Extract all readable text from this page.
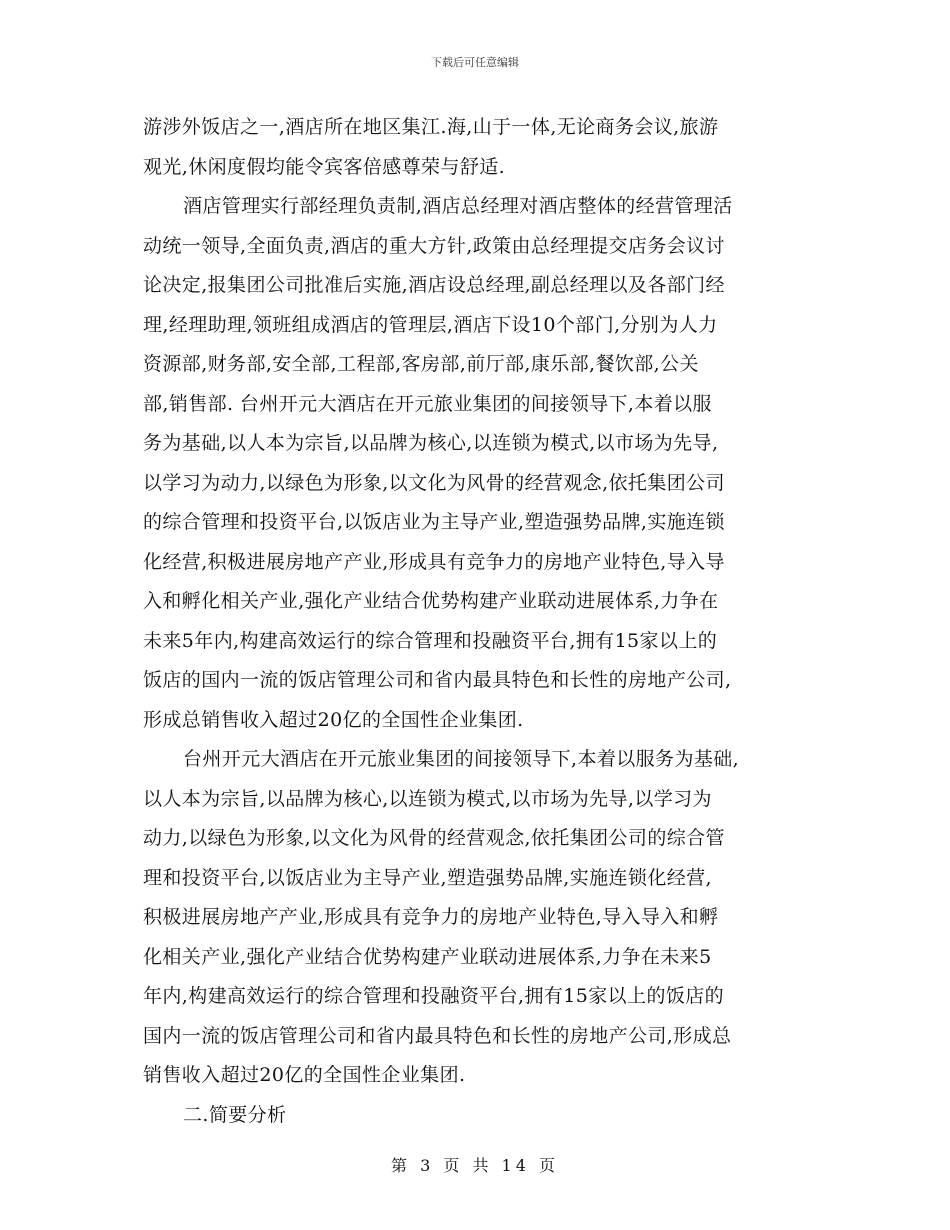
下载后可任意编辑
游涉外饭店之一,酒店所在地区集江.海,山于一体,无论商务会议,旅游
观光,休闲度假均能令宾客倍感尊荣与舒适.
酒店管理实行部经理负责制,酒店总经理对酒店整体的经营管理活
动统一领导,全面负责,酒店的重大方针,政策由总经理提交店务会议讨
论决定,报集团公司批准后实施,酒店设总经理,副总经理以及各部门经
理,经理助理,领班组成酒店的管理层,酒店下设10个部门,分别为人力
资源部,财务部,安全部,工程部,客房部,前厅部,康乐部,餐饮部,公关
部,销售部. 台州开元大酒店在开元旅业集团的间接领导下,本着以服
务为基础,以人本为宗旨,以品牌为核心,以连锁为模式,以市场为先导,
以学习为动力,以绿色为形象,以文化为风骨的经营观念,依托集团公司
的综合管理和投资平台,以饭店业为主导产业,塑造强势品牌,实施连锁
化经营,积极进展房地产产业,形成具有竞争力的房地产业特色,导入导
入和孵化相关产业,强化产业结合优势构建产业联动进展体系,力争在
未来5年内,构建高效运行的综合管理和投融资平台,拥有15家以上的
饭店的国内一流的饭店管理公司和省内最具特色和长性的房地产公司,
形成总销售收入超过20亿的全国性企业集团.
台州开元大酒店在开元旅业集团的间接领导下,本着以服务为基础,
以人本为宗旨,以品牌为核心,以连锁为模式,以市场为先导,以学习为
动力,以绿色为形象,以文化为风骨的经营观念,依托集团公司的综合管
理和投资平台,以饭店业为主导产业,塑造强势品牌,实施连锁化经营,
积极进展房地产产业,形成具有竞争力的房地产业特色,导入导入和孵
化相关产业,强化产业结合优势构建产业联动进展体系,力争在未来5
年内,构建高效运行的综合管理和投融资平台,拥有15家以上的饭店的
国内一流的饭店管理公司和省内最具特色和长性的房地产公司,形成总
销售收入超过20亿的全国性企业集团.
二.简要分析
第 3 页 共 14 页
